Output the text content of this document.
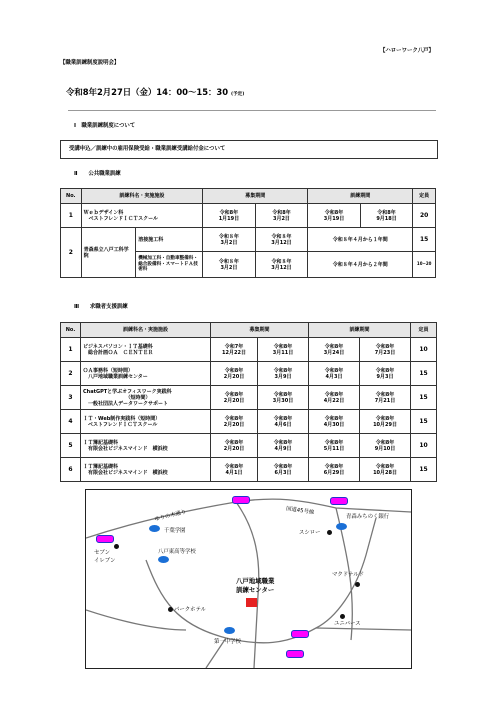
【ハローワーク八戸】
【職業訓練制度説明会】
令和8年2月27日（金）14：00～15：30 (予定)
Ⅰ　職業訓練制度について
受講申込／訓練中の雇用保険受給・職業訓練受講給付金について
Ⅱ　　公共職業訓練
No.	訓練科名・実施施設		募集期間		訓練期間		定員
1	Ｗｅｂデザイン科
　ベストフレンドＩＣＴスクール		令和8年
1月19日	令和8年
3月2日	令和8年
3月19日	令和8年
9月18日	20
2	青森県立八戸工科学院	溶接施工科	令和８年
3月2日	令和８年
3月12日	令和８年４月から１年間		15
		機械加工科・自動車整備科・総合設備科・スマートＦＡ技術科	令和８年
3月2日	令和８年
3月12日	令和８年４月から２年間		10~20
Ⅲ　　求職者支援訓練
No.	訓練科名・実施施設	募集期間		訓練期間		定員
1	ビジネスパソコン・ＩＴ基礎科
　総合計画ＯＡ　ＣＥＮＴＥＲ	令和7年
12月22日	令和8年
3月11日	令和8年
3月24日	令和8年
7月23日	10
2	ＯＡ事務科（短時間）
　八戸地域職業訓練センター	令和8年
2月20日	令和8年
3月9日	令和8年
4月3日	令和8年
9月3日	15
3	ChatGPTと学ぶオフィスワーク実践科
　　　　　　　　　（短時間）
　一般社団法人データワークサポート	令和8年
2月20日	令和8年
3月30日	令和8年
4月22日	令和8年
7月21日	15
4	ＩＴ・Web制作実践科（短時間）
　ベストフレンドＩＣＴスクール	令和8年
2月20日	令和8年
4月6日	令和8年
4月30日	令和8年
10月29日	15
5	ＩＴ簿記基礎科
　有限会社ビジネスマインド　横浜校	令和8年
2月20日	令和8年
4月9日	令和8年
5月11日	令和8年
9月10日	10
6	ＩＴ簿記基礎科
　有限会社ビジネスマインド　横浜校	令和8年
4月1日	令和8年
6月3日	令和8年
6月29日	令和8年
10月28日	15
ゆりの木通り	国道45号線
青森みちのく銀行
千葉学園
セブン
イレブン
八戸東高等学校
スシロー
マクドナルド
八戸地域職業
訓練センター
パークホテル
ユニバース
第一中学校
